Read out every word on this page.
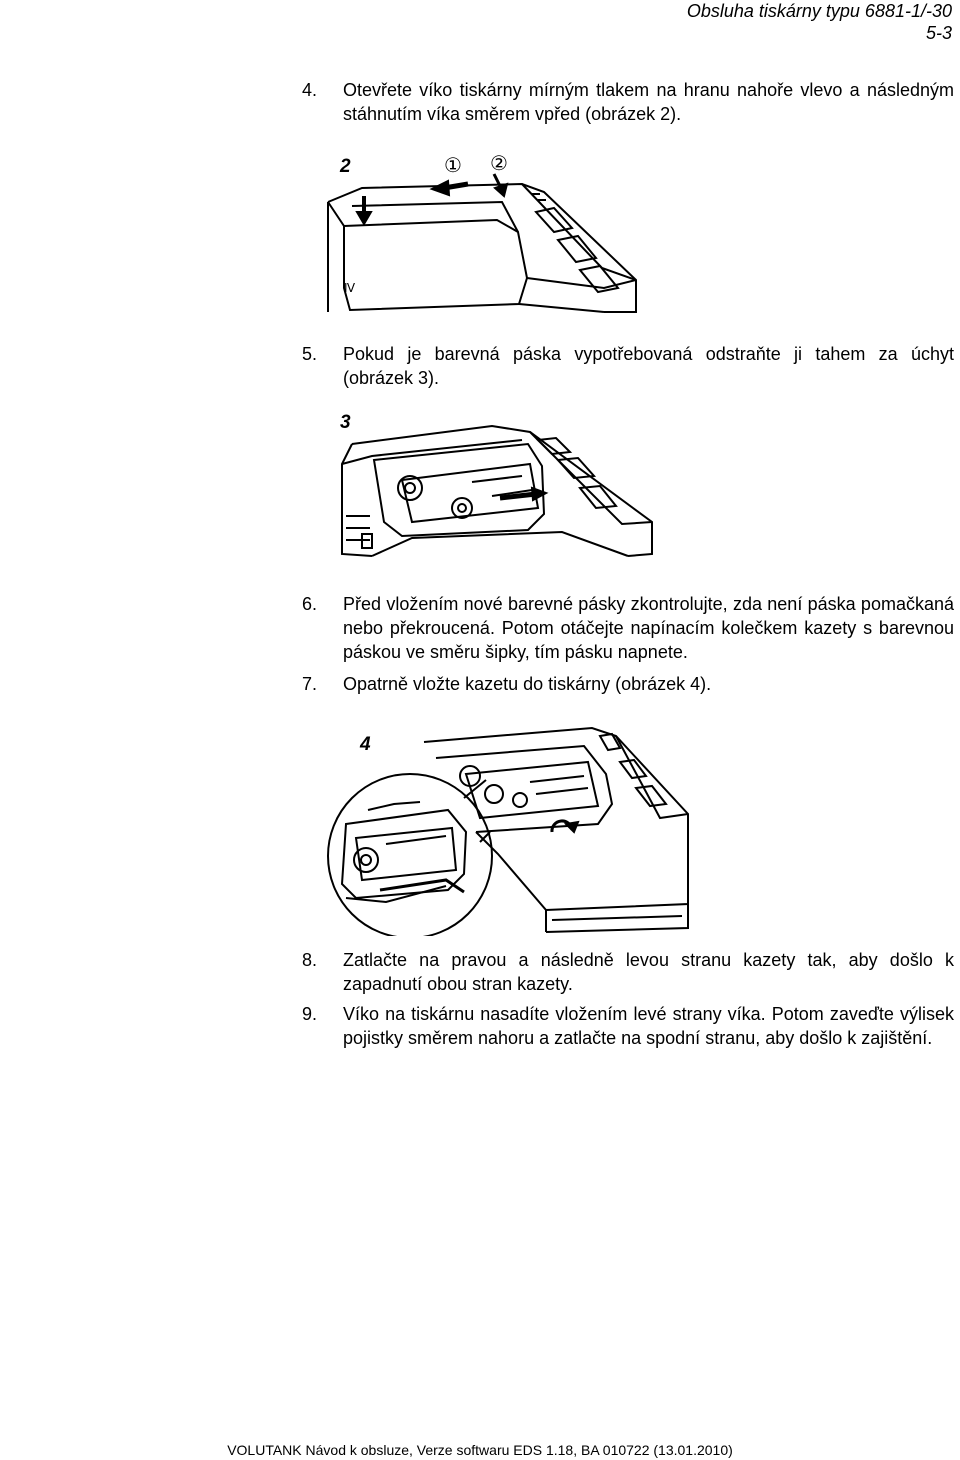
Obsluha tiskárny typu 6881-1/-30
5-3
4. Otevřete víko tiskárny mírným tlakem na hranu nahoře vlevo a následným stáhnutím víka směrem vpřed (obrázek 2).
2	① ②
Ⅳ
5. Pokud je barevná páska vypotřebovaná odstraňte ji tahem za úchyt (obrázek 3).
3
6. Před vložením nové barevné pásky zkontrolujte, zda není páska pomačkaná nebo překroucená. Potom otáčejte napínacím kolečkem kazety s barevnou páskou ve směru šipky, tím pásku napnete.
7. Opatrně vložte kazetu do tiskárny (obrázek 4).
4
8. Zatlačte na pravou a následně levou stranu kazety tak, aby došlo k zapadnutí obou stran kazety.
9. Víko na tiskárnu nasadíte vložením levé strany víka. Potom zaveďte výlisek pojistky směrem nahoru a zatlačte na spodní stranu, aby došlo k zajištění.
VOLUTANK Návod k obsluze, Verze softwaru EDS 1.18, BA 010722 (13.01.2010)
